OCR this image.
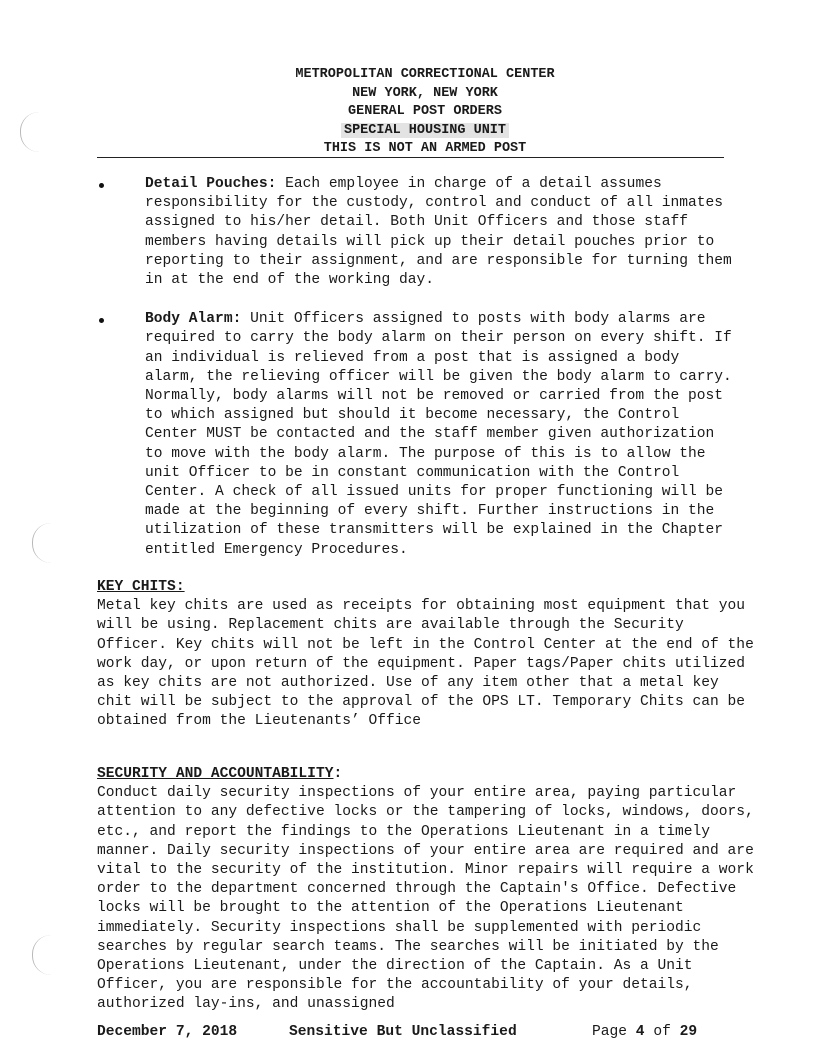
METROPOLITAN CORRECTIONAL CENTER
NEW YORK, NEW YORK
GENERAL POST ORDERS
SPECIAL HOUSING UNIT
THIS IS NOT AN ARMED POST
Detail Pouches: Each employee in charge of a detail assumes responsibility for the custody, control and conduct of all inmates assigned to his/her detail. Both Unit Officers and those staff members having details will pick up their detail pouches prior to reporting to their assignment, and are responsible for turning them in at the end of the working day.
Body Alarm: Unit Officers assigned to posts with body alarms are required to carry the body alarm on their person on every shift. If an individual is relieved from a post that is assigned a body alarm, the relieving officer will be given the body alarm to carry. Normally, body alarms will not be removed or carried from the post to which assigned but should it become necessary, the Control Center MUST be contacted and the staff member given authorization to move with the body alarm. The purpose of this is to allow the unit Officer to be in constant communication with the Control Center. A check of all issued units for proper functioning will be made at the beginning of every shift. Further instructions in the utilization of these transmitters will be explained in the Chapter entitled Emergency Procedures.
KEY CHITS:
Metal key chits are used as receipts for obtaining most equipment that you will be using. Replacement chits are available through the Security Officer. Key chits will not be left in the Control Center at the end of the work day, or upon return of the equipment. Paper tags/Paper chits utilized as key chits are not authorized. Use of any item other that a metal key chit will be subject to the approval of the OPS LT. Temporary Chits can be obtained from the Lieutenants’ Office
SECURITY AND ACCOUNTABILITY:
Conduct daily security inspections of your entire area, paying particular attention to any defective locks or the tampering of locks, windows, doors, etc., and report the findings to the Operations Lieutenant in a timely manner. Daily security inspections of your entire area are required and are vital to the security of the institution. Minor repairs will require a work order to the department concerned through the Captain's Office. Defective locks will be brought to the attention of the Operations Lieutenant immediately. Security inspections shall be supplemented with periodic searches by regular search teams. The searches will be initiated by the Operations Lieutenant, under the direction of the Captain. As a Unit Officer, you are responsible for the accountability of your details, authorized lay-ins, and unassigned
December 7, 2018	Sensitive But Unclassified	Page 4 of 29
